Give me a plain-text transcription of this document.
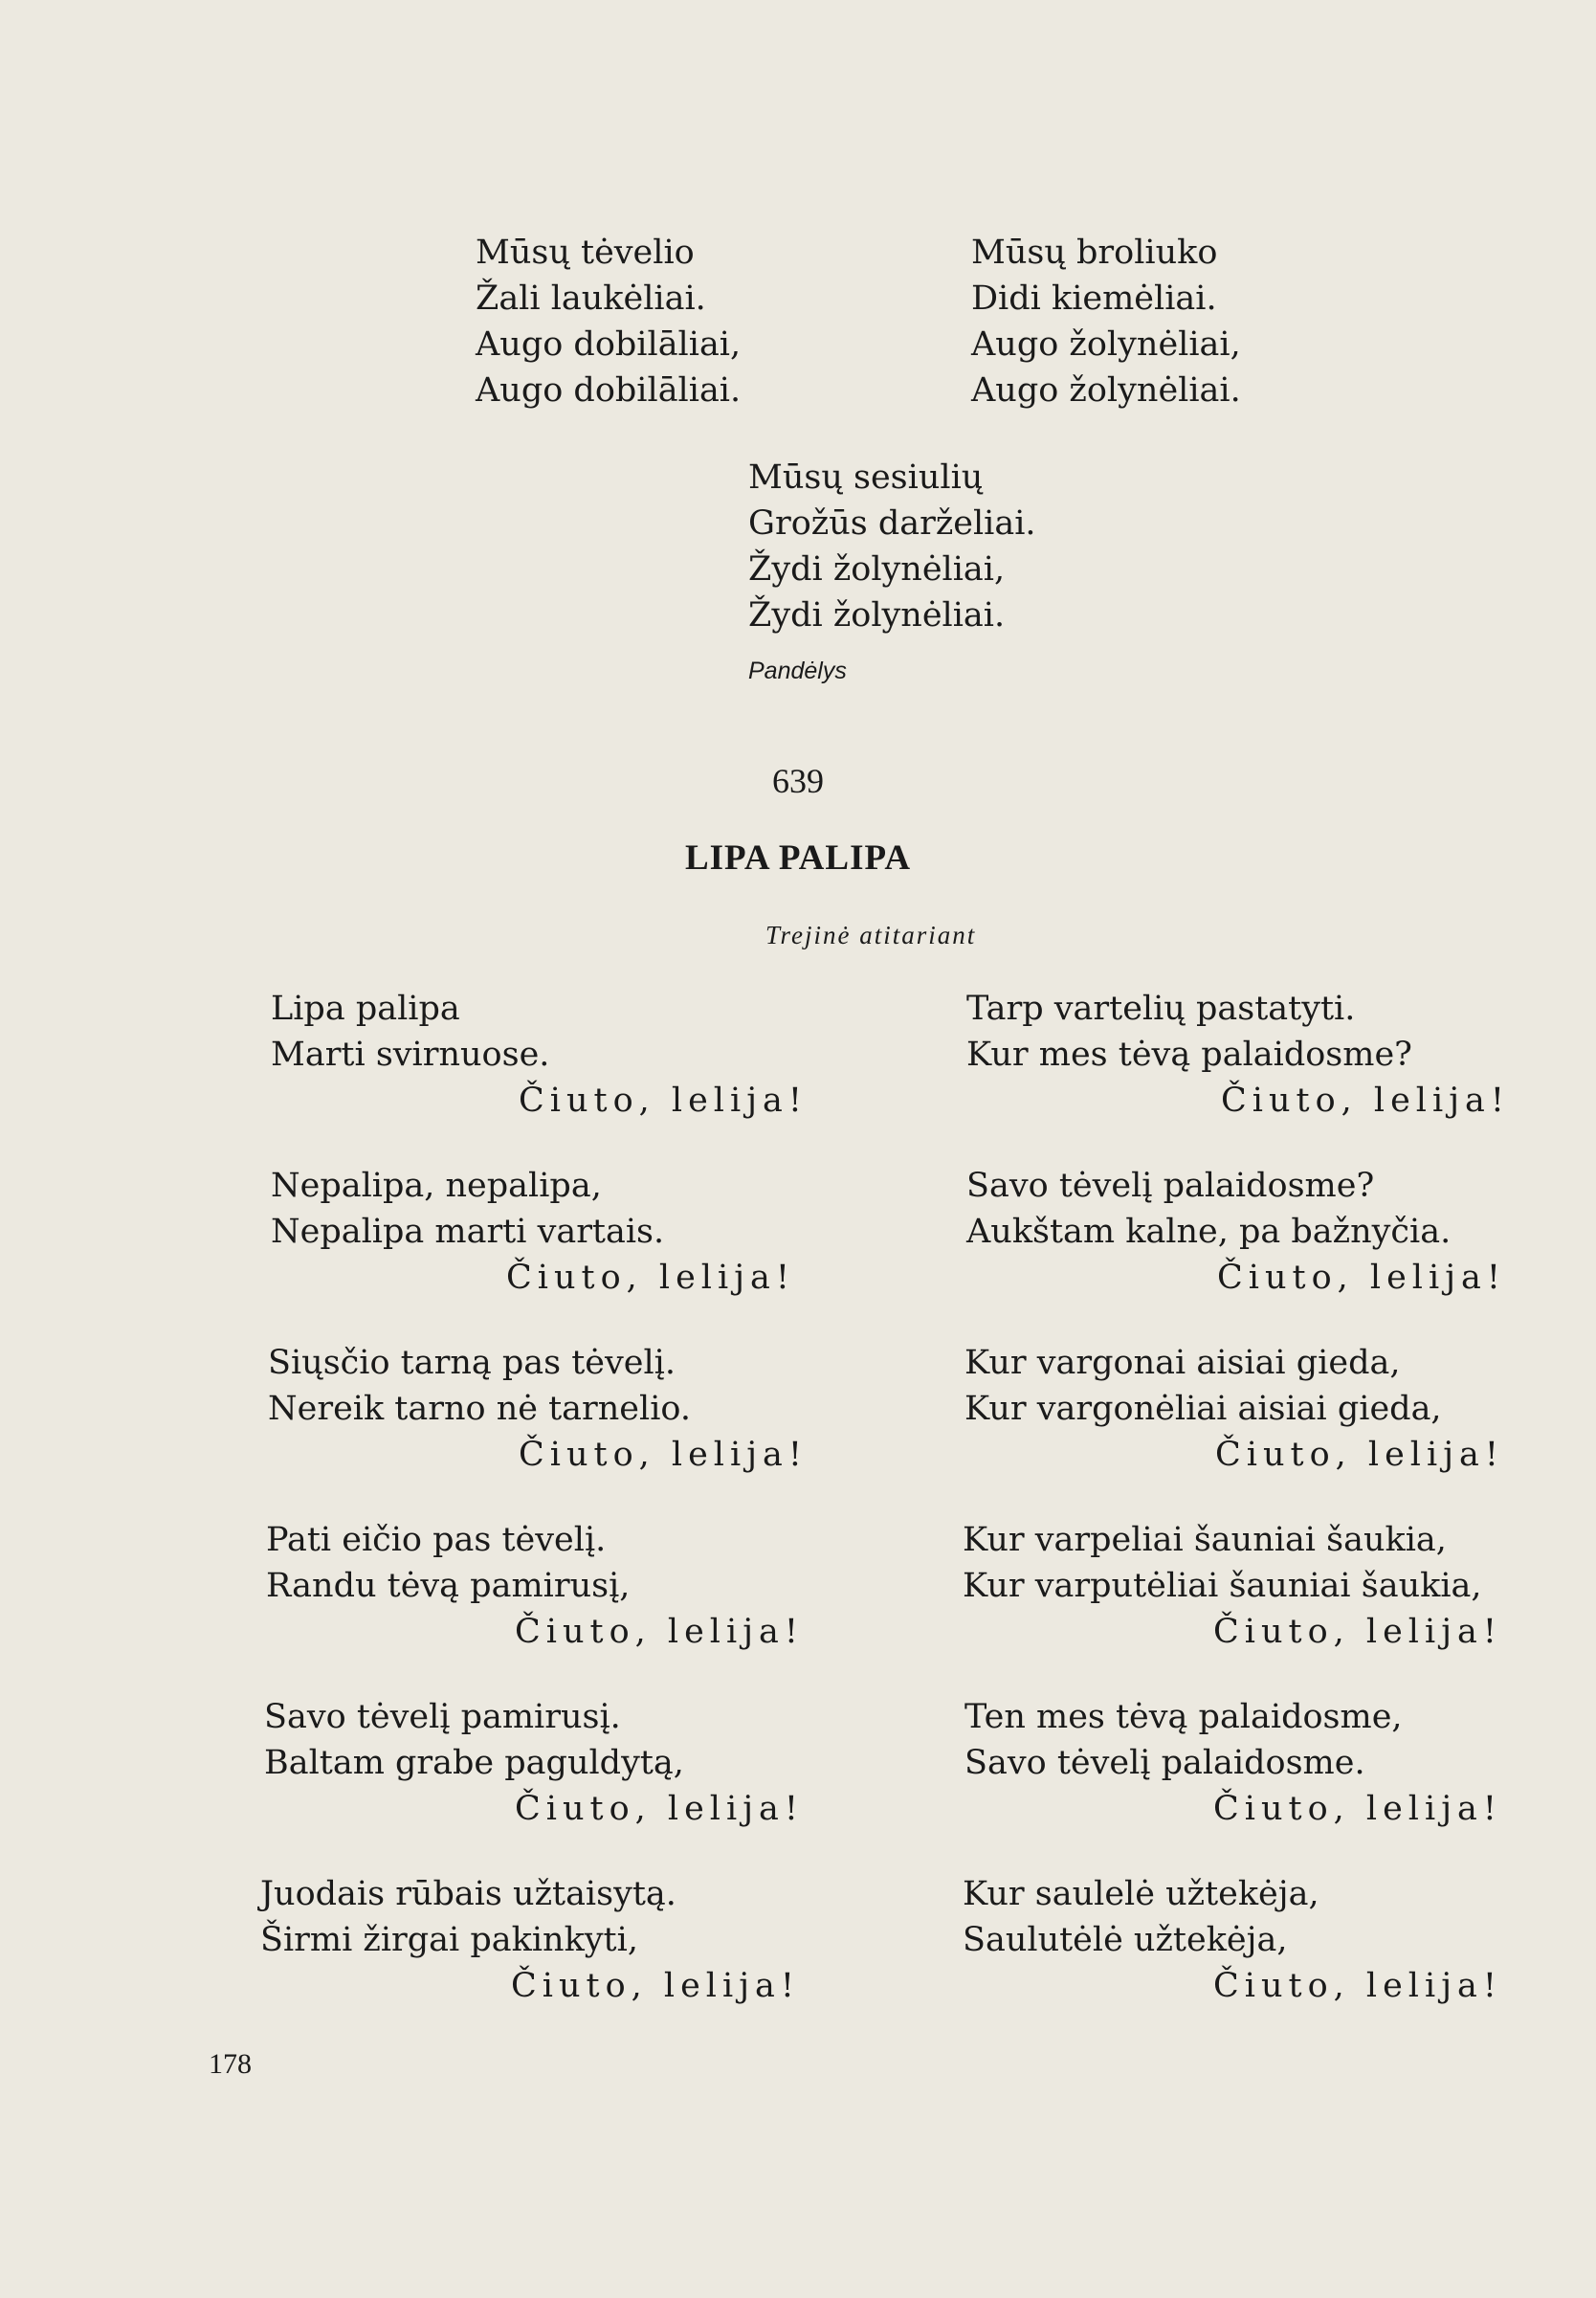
Mūsų tėvelio
Žali laukėliai.
Augo dobilāliai,
Augo dobilāliai.
Mūsų broliuko
Didi kiemėliai.
Augo žolynėliai,
Augo žolynėliai.
Mūsų sesiulių
Grožūs darželiai.
Žydi žolynėliai,
Žydi žolynėliai.
Pandėlys
639
LIPA PALIPA
Trejinė atitariant
Lipa palipa
Marti svirnuose.
Čiuto, lelija!
Nepalipa, nepalipa,
Nepalipa marti vartais.
Čiuto, lelija!
Siųsčio tarną pas tėvelį.
Nereik tarno nė tarnelio.
Čiuto, lelija!
Pati eičio pas tėvelį.
Randu tėvą pamirusį,
Čiuto, lelija!
Savo tėvelį pamirusį.
Baltam grabe paguldytą,
Čiuto, lelija!
Juodais rūbais užtaisytą.
Širmi žirgai pakinkyti,
Čiuto, lelija!
Tarp vartelių pastatyti.
Kur mes tėvą palaidosme?
Čiuto, lelija!
Savo tėvelį palaidosme?
Aukštam kalne, pa bažnyčia.
Čiuto, lelija!
Kur vargonai aisiai gieda,
Kur vargonėliai aisiai gieda,
Čiuto, lelija!
Kur varpeliai šauniai šaukia,
Kur varputėliai šauniai šaukia,
Čiuto, lelija!
Ten mes tėvą palaidosme,
Savo tėvelį palaidosme.
Čiuto, lelija!
Kur saulelė užtekėja,
Saulutėlė užtekėja,
Čiuto, lelija!
178
